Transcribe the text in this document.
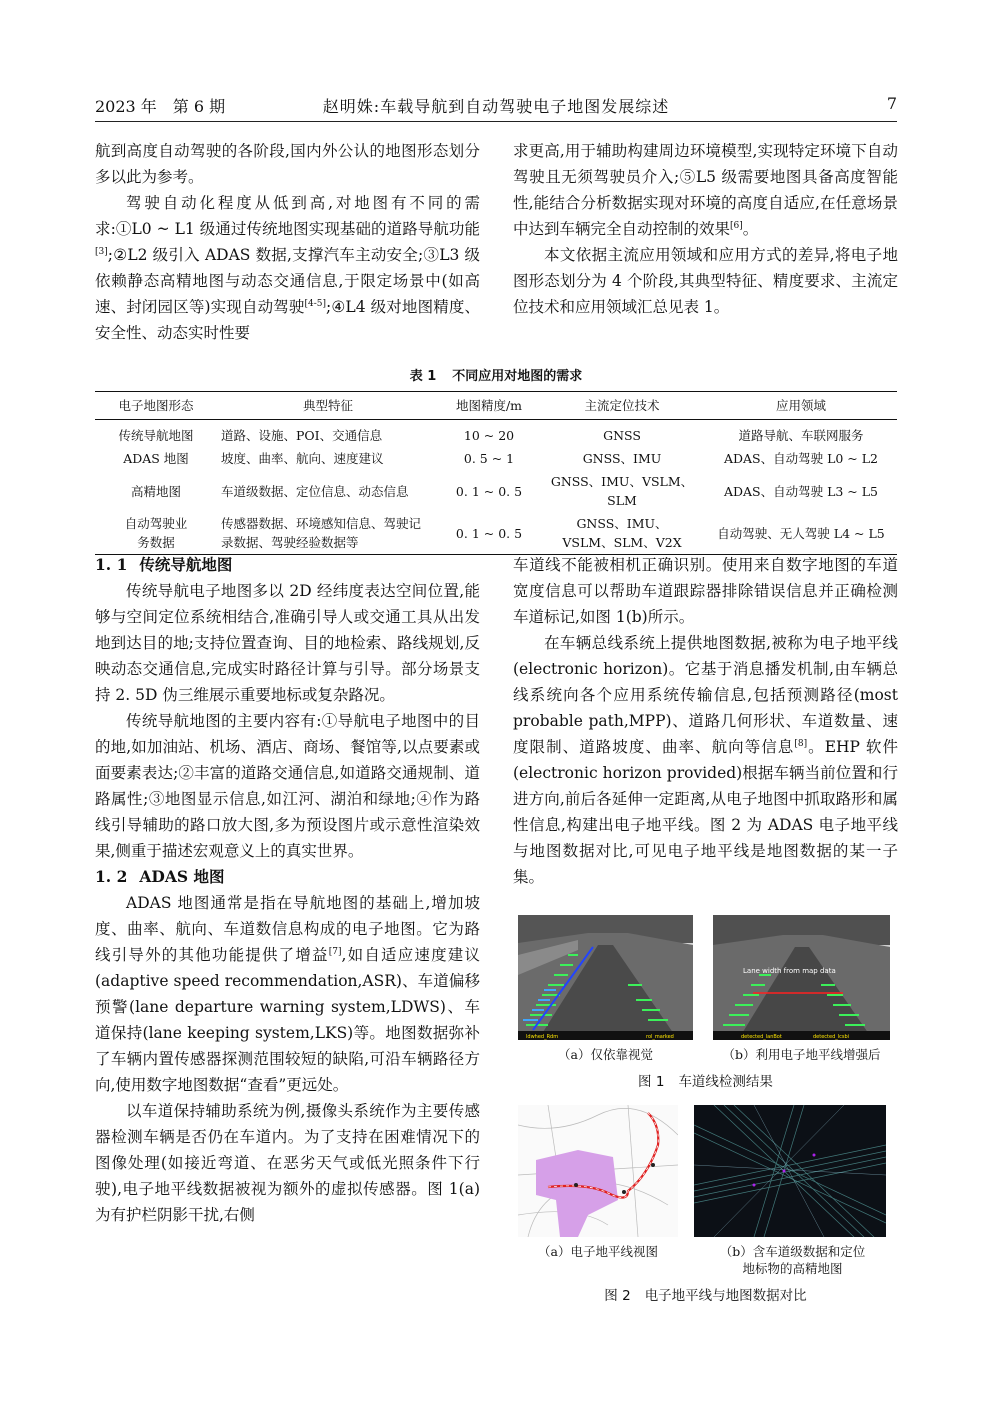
2023 年　第 6 期	赵明姝:车载导航到自动驾驶电子地图发展综述	7

航到高度自动驾驶的各阶段,国内外公认的地图形态划分多以此为参考。

驾驶自动化程度从低到高,对地图有不同的需求:①L0 ~ L1 级通过传统地图实现基础的道路导航功能[3];②L2 级引入 ADAS 数据,支撑汽车主动安全;③L3 级依赖静态高精地图与动态交通信息,于限定场景中(如高速、封闭园区等)实现自动驾驶[4-5];④L4 级对地图精度、安全性、动态实时性要

求更高,用于辅助构建周边环境模型,实现特定环境下自动驾驶且无须驾驶员介入;⑤L5 级需要地图具备高度智能性,能结合分析数据实现对环境的高度自适应,在任意场景中达到车辆完全自动控制的效果[6]。

本文依据主流应用领域和应用方式的差异,将电子地图形态划分为 4 个阶段,其典型特征、精度要求、主流定位技术和应用领域汇总见表 1。

表 1 不同应用对地图的需求
电子地图形态	典型特征	地图精度/m	主流定位技术	应用领域
传统导航地图	道路、设施、POI、交通信息	10 ~ 20	GNSS	道路导航、车联网服务
ADAS 地图	坡度、曲率、航向、速度建议	0. 5 ~ 1	GNSS、IMU	ADAS、自动驾驶 L0 ~ L2
高精地图	车道级数据、定位信息、动态信息	0. 1 ~ 0. 5	GNSS、IMU、VSLM、SLM	ADAS、自动驾驶 L3 ~ L5
自动驾驶业务数据	传感器数据、环境感知信息、驾驶记录数据、驾驶经验数据等	0. 1 ~ 0. 5	GNSS、IMU、VSLM、SLM、V2X	自动驾驶、无人驾驶 L4 ~ L5
1. 1 传统导航地图

传统导航电子地图多以 2D 经纬度表达空间位置,能够与空间定位系统相结合,准确引导人或交通工具从出发地到达目的地;支持位置查询、目的地检索、路线规划,反映动态交通信息,完成实时路径计算与引导。部分场景支持 2. 5D 伪三维展示重要地标或复杂路况。

传统导航地图的主要内容有:①导航电子地图中的目的地,如加油站、机场、酒店、商场、餐馆等,以点要素或面要素表达;②丰富的道路交通信息,如道路交通规制、道路属性;③地图显示信息,如江河、湖泊和绿地;④作为路线引导辅助的路口放大图,多为预设图片或示意性渲染效果,侧重于描述宏观意义上的真实世界。

1. 2 ADAS 地图

ADAS 地图通常是指在导航地图的基础上,增加坡度、曲率、航向、车道数信息构成的电子地图。它为路线引导外的其他功能提供了增益[7],如自适应速度建议(adaptive speed recommendation,ASR)、车道偏移预警(lane departure warning system,LDWS)、车道保持(lane keeping system,LKS)等。地图数据弥补了车辆内置传感器探测范围较短的缺陷,可沿车辆路径方向,使用数字地图数据“查看”更远处。

以车道保持辅助系统为例,摄像头系统作为主要传感器检测车辆是否仍在车道内。为了支持在困难情况下的图像处理(如接近弯道、在恶劣天气或低光照条件下行驶),电子地平线数据被视为额外的虚拟传感器。图 1(a)为有护栏阴影干扰,右侧

车道线不能被相机正确识别。使用来自数字地图的车道宽度信息可以帮助车道跟踪器排除错误信息并正确检测车道标记,如图 1(b)所示。

在车辆总线系统上提供地图数据,被称为电子地平线(electronic horizon)。它基于消息播发机制,由车辆总线系统向各个应用系统传输信息,包括预测路径(most probable path,MPP)、道路几何形状、车道数量、速度限制、道路坡度、曲率、航向等信息[8]。EHP 软件(electronic horizon provided)根据车辆当前位置和行进方向,前后各延伸一定距离,从电子地图中抓取路形和属性信息,构建出电子地平线。图 2 为 ADAS 电子地平线与地图数据对比,可见电子地平线是地图数据的某一子集。

ldwhed_Rdm	rol_marked
Lane width from map data
detected_lanBot	detected_lcsbi
（a）仅依靠视觉	（b）利用电子地平线增强后
图 1 车道线检测结果
（a）电子地平线视图	（b）含车道级数据和定位
地标物的高精地图
图 2 电子地平线与地图数据对比
